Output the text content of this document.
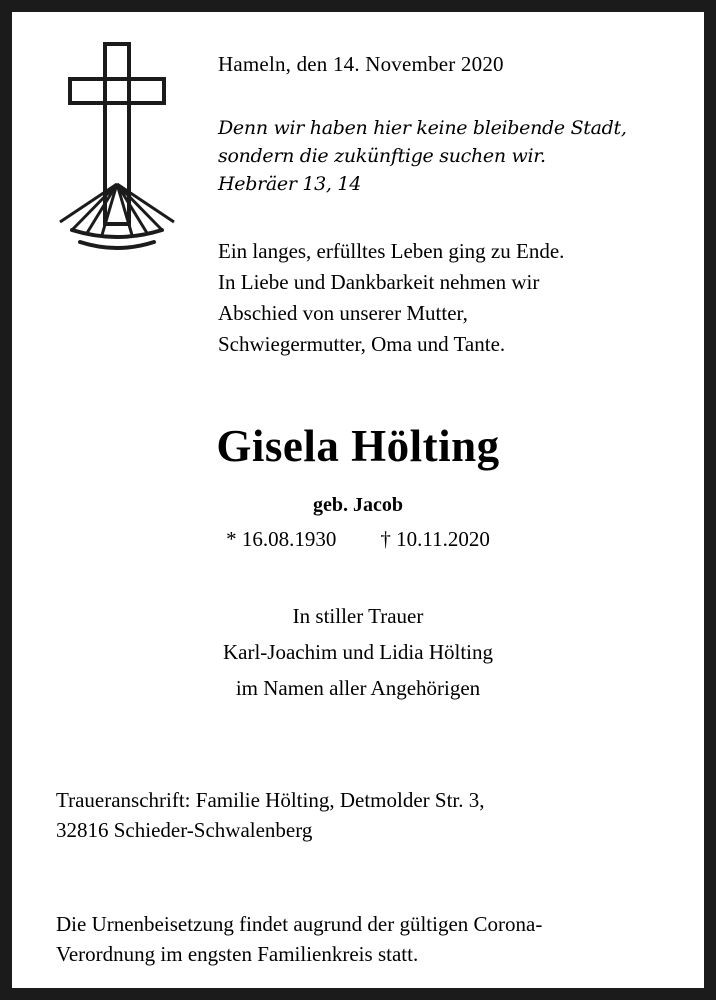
Hameln, den 14. November 2020
Denn wir haben hier keine bleibende Stadt,
sondern die zukünftige suchen wir.
Hebräer 13, 14
Ein langes, erfülltes Leben ging zu Ende.
In Liebe und Dankbarkeit nehmen wir
Abschied von unserer Mutter,
Schwiegermutter, Oma und Tante.
Gisela Hölting
geb. Jacob
* 16.08.1930 † 10.11.2020
In stiller Trauer
Karl-Joachim und Lidia Hölting
im Namen aller Angehörigen
Traueranschrift: Familie Hölting, Detmolder Str. 3,
32816 Schieder-Schwalenberg
Die Urnenbeisetzung findet augrund der gültigen Corona-
Verordnung im engsten Familienkreis statt.
